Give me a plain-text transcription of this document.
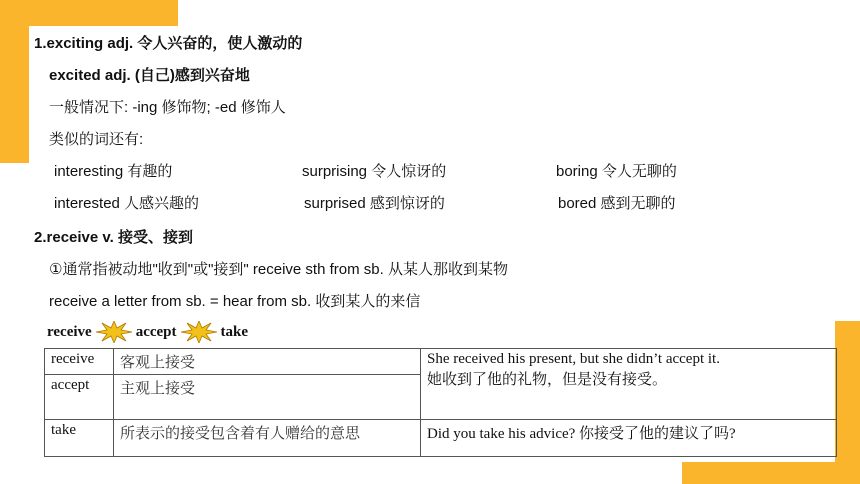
1.exciting adj. 令人兴奋的，使人激动的
excited adj. (自己)感到兴奋地
一般情况下: -ing 修饰物; -ed 修饰人
类似的词还有:
interesting 有趣的	surprising 令人惊讶的	boring 令人无聊的
interested 人感兴趣的	surprised 感到惊讶的	bored 感到无聊的
2.receive v. 接受、接到
①通常指被动地"收到"或"接到" receive sth from sb. 从某人那收到某物
receive a letter from sb. = hear from sb. 收到某人的来信
receive	accept	take
receive	客观上接受	She received his present, but she didn’t accept it.
她收到了他的礼物，但是没有接受。

accept	主观上接受	
take	所表示的接受包含着有人赠给的意思	Did you take his advice? 你接受了他的建议了吗?
